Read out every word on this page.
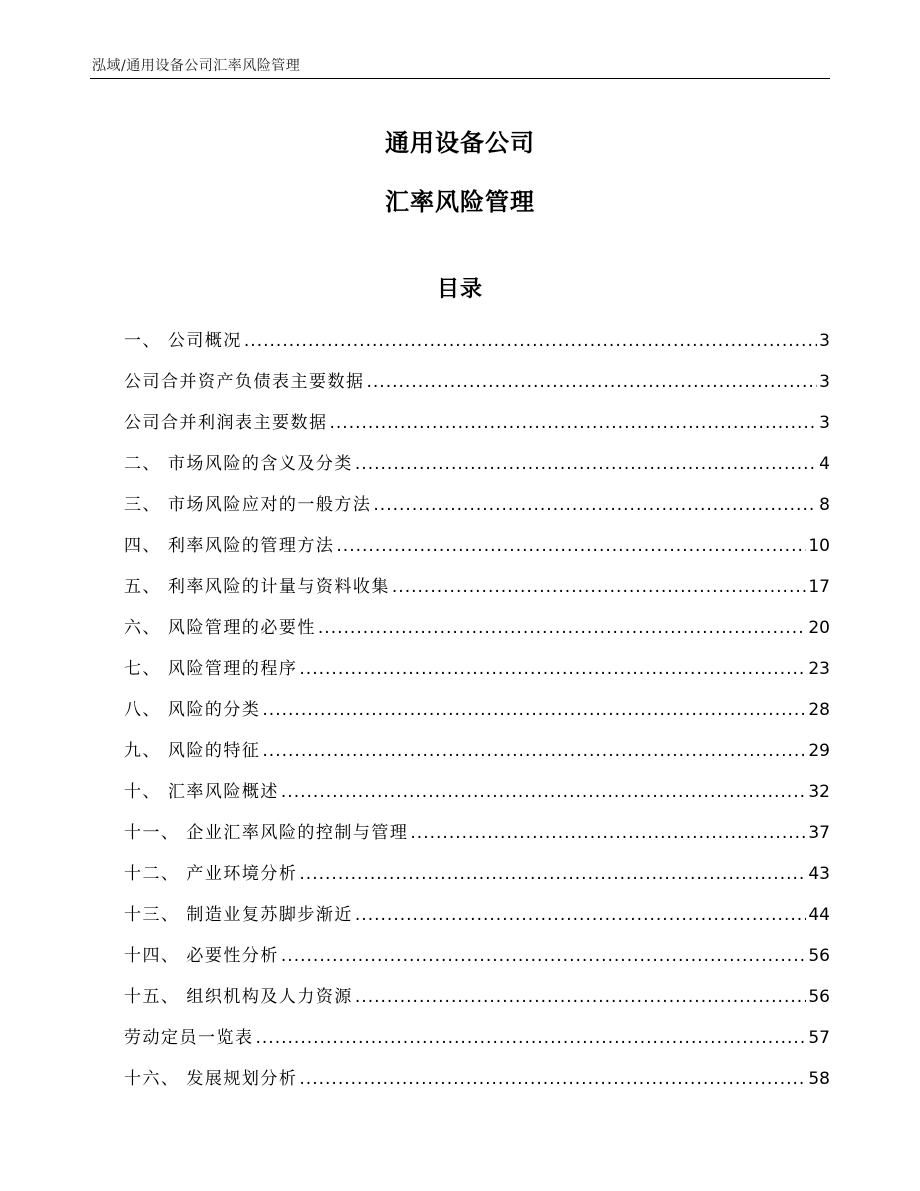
泓域/通用设备公司汇率风险管理
通用设备公司
汇率风险管理
目录
一、 公司概况 .....	3
公司合并资产负债表主要数据 .....	3
公司合并利润表主要数据 .....	3
二、 市场风险的含义及分类 .....	4
三、 市场风险应对的一般方法 .....	8
四、 利率风险的管理方法 .....	10
五、 利率风险的计量与资料收集 .....	17
六、 风险管理的必要性 .....	20
七、 风险管理的程序 .....	23
八、 风险的分类 .....	28
九、 风险的特征 .....	29
十、 汇率风险概述 .....	32
十一、 企业汇率风险的控制与管理 .....	37
十二、 产业环境分析 .....	43
十三、 制造业复苏脚步渐近 .....	44
十四、 必要性分析 .....	56
十五、 组织机构及人力资源 .....	56
劳动定员一览表 .....	57
十六、 发展规划分析 .....	58
